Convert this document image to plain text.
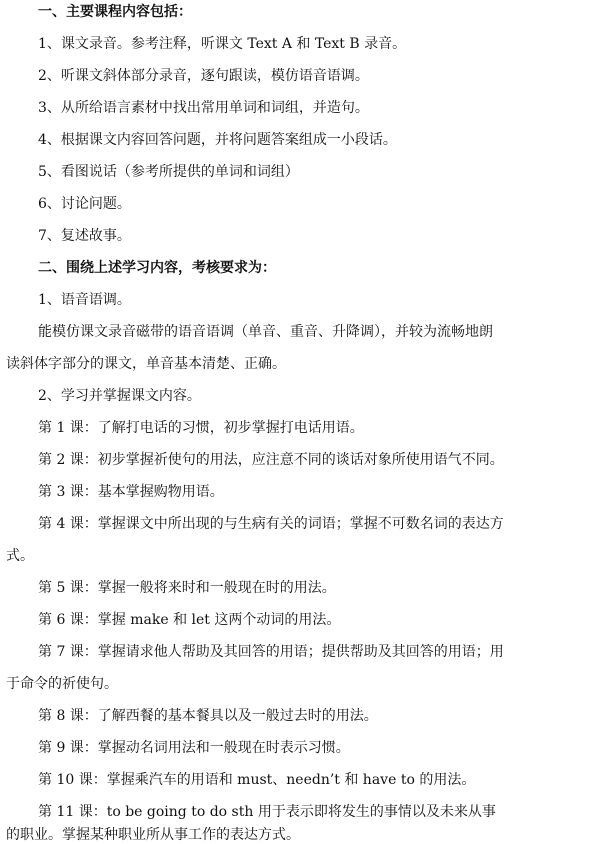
一、主要课程内容包括：
1、课文录音。参考注释，听课文 Text A 和 Text B 录音。
2、听课文斜体部分录音，逐句跟读，模仿语音语调。
3、从所给语言素材中找出常用单词和词组，并造句。
4、根据课文内容回答问题，并将问题答案组成一小段话。
5、看图说话（参考所提供的单词和词组）
6、讨论问题。
7、复述故事。
二、围绕上述学习内容，考核要求为：
1、语音语调。
能模仿课文录音磁带的语音语调（单音、重音、升降调），并较为流畅地朗
读斜体字部分的课文，单音基本清楚、正确。
2、学习并掌握课文内容。
第 1 课：了解打电话的习惯，初步掌握打电话用语。
第 2 课：初步掌握祈使句的用法，应注意不同的谈话对象所使用语气不同。
第 3 课：基本掌握购物用语。
第 4 课：掌握课文中所出现的与生病有关的词语；掌握不可数名词的表达方
式。
第 5 课：掌握一般将来时和一般现在时的用法。
第 6 课：掌握 make 和 let 这两个动词的用法。
第 7 课：掌握请求他人帮助及其回答的用语；提供帮助及其回答的用语；用
于命令的祈使句。
第 8 课：了解西餐的基本餐具以及一般过去时的用法。
第 9 课：掌握动名词用法和一般现在时表示习惯。
第 10 课：掌握乘汽车的用语和 must、needn’t 和 have to 的用法。
第 11 课：to be going to do sth 用于表示即将发生的事情以及未来从事
的职业。掌握某种职业所从事工作的表达方式。
